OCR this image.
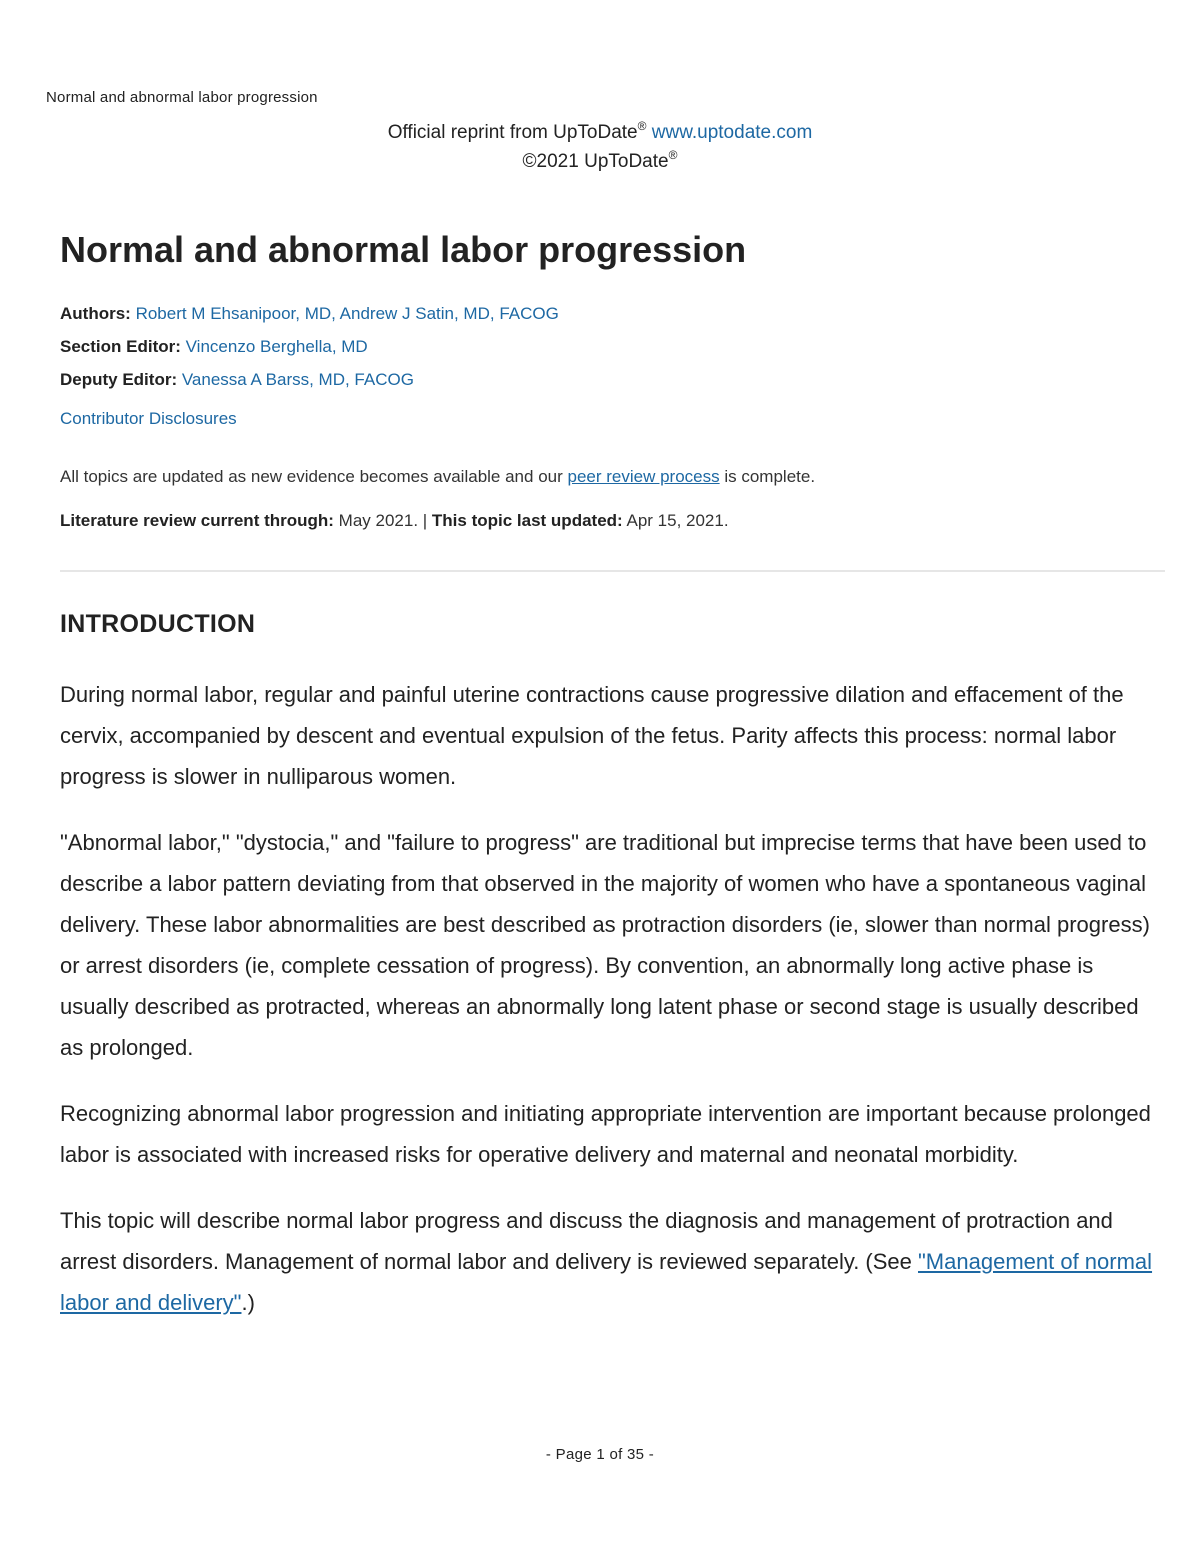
Normal and abnormal labor progression
Official reprint from UpToDate® www.uptodate.com
©2021 UpToDate®
Normal and abnormal labor progression
Authors: Robert M Ehsanipoor, MD, Andrew J Satin, MD, FACOG
Section Editor: Vincenzo Berghella, MD
Deputy Editor: Vanessa A Barss, MD, FACOG
Contributor Disclosures
All topics are updated as new evidence becomes available and our peer review process is complete.
Literature review current through: May 2021. | This topic last updated: Apr 15, 2021.
INTRODUCTION

During normal labor, regular and painful uterine contractions cause progressive dilation and effacement of the cervix, accompanied by descent and eventual expulsion of the fetus. Parity affects this process: normal labor progress is slower in nulliparous women.

"Abnormal labor," "dystocia," and "failure to progress" are traditional but imprecise terms that have been used to describe a labor pattern deviating from that observed in the majority of women who have a spontaneous vaginal delivery. These labor abnormalities are best described as protraction disorders (ie, slower than normal progress) or arrest disorders (ie, complete cessation of progress). By convention, an abnormally long active phase is usually described as protracted, whereas an abnormally long latent phase or second stage is usually described as prolonged.

Recognizing abnormal labor progression and initiating appropriate intervention are important because prolonged labor is associated with increased risks for operative delivery and maternal and neonatal morbidity.

This topic will describe normal labor progress and discuss the diagnosis and management of protraction and arrest disorders. Management of normal labor and delivery is reviewed separately. (See "Management of normal labor and delivery".)

- Page 1 of 35 -
